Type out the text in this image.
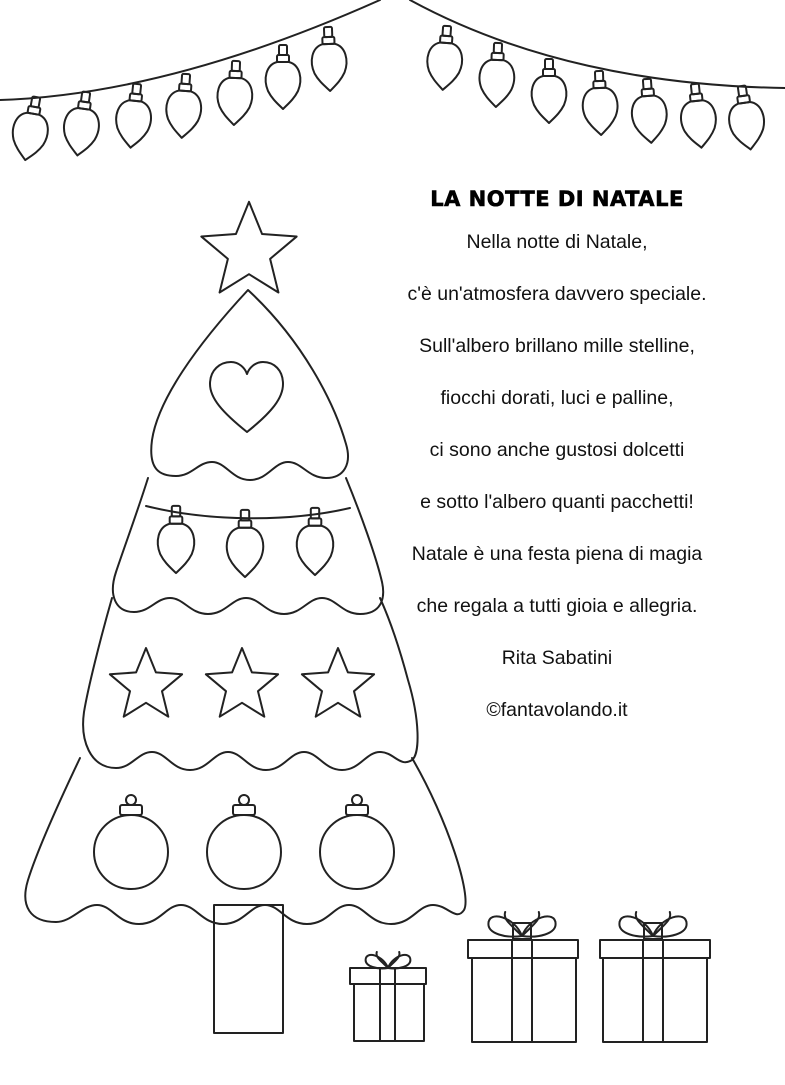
LA NOTTE DI NATALE
Nella notte di Natale,
c'è un'atmosfera davvero speciale.
Sull'albero brillano mille stelline,
fiocchi dorati, luci e palline,
ci sono anche gustosi dolcetti
e sotto l'albero quanti pacchetti!
Natale è una festa piena di magia
che regala a tutti gioia e allegria.
Rita Sabatini
©fantavolando.it
